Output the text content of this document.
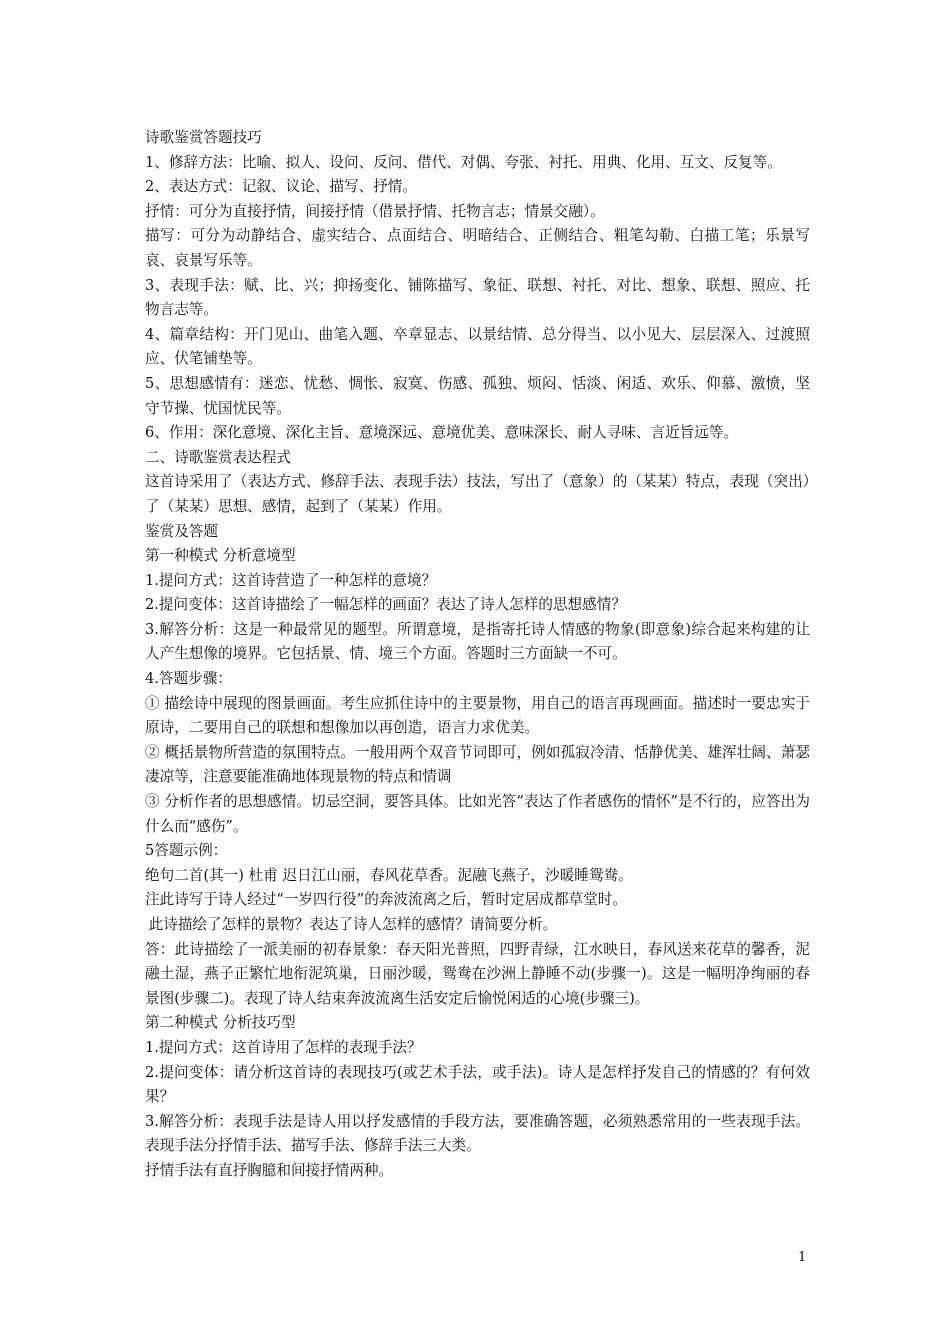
诗歌鉴赏答题技巧

1、修辞方法：比喻、拟人、设问、反问、借代、对偶、夸张、衬托、用典、化用、互文、反复等。

2、表达方式：记叙、议论、描写、抒情。

抒情：可分为直接抒情，间接抒情（借景抒情、托物言志；情景交融）。

描写：可分为动静结合、虚实结合、点面结合、明暗结合、正侧结合、粗笔勾勒、白描工笔；乐景写哀、哀景写乐等。

3、表现手法：赋、比、兴；抑扬变化、铺陈描写、象征、联想、衬托、对比、想象、联想、照应、托物言志等。

4、篇章结构：开门见山、曲笔入题、卒章显志、以景结情、总分得当、以小见大、层层深入、过渡照应、伏笔铺垫等。

5、思想感情有：迷恋、忧愁、惆怅、寂寞、伤感、孤独、烦闷、恬淡、闲适、欢乐、仰慕、激愤，坚守节操、忧国忧民等。

6、作用：深化意境、深化主旨、意境深远、意境优美、意味深长、耐人寻味、言近旨远等。

二、诗歌鉴赏表达程式

这首诗采用了（表达方式、修辞手法、表现手法）技法，写出了（意象）的（某某）特点，表现（突出）了（某某）思想、感情，起到了（某某）作用。

鉴赏及答题

第一种模式 分析意境型

1.提问方式：这首诗营造了一种怎样的意境？

2.提问变体：这首诗描绘了一幅怎样的画面？表达了诗人怎样的思想感情？

3.解答分析：这是一种最常见的题型。所谓意境，是指寄托诗人情感的物象(即意象)综合起来构建的让人产生想像的境界。它包括景、情、境三个方面。答题时三方面缺一不可。

4.答题步骤：

① 描绘诗中展现的图景画面。考生应抓住诗中的主要景物，用自己的语言再现画面。描述时一要忠实于原诗，二要用自己的联想和想像加以再创造，语言力求优美。

② 概括景物所营造的氛围特点。一般用两个双音节词即可，例如孤寂冷清、恬静优美、雄浑壮阔、萧瑟凄凉等，注意要能准确地体现景物的特点和情调

③ 分析作者的思想感情。切忌空洞，要答具体。比如光答“表达了作者感伤的情怀”是不行的，应答出为什么而“感伤”。

5答题示例：

绝句二首(其一) 杜甫 迟日江山丽，春风花草香。泥融飞燕子，沙暖睡鸳鸯。

注此诗写于诗人经过“一岁四行役”的奔波流离之后，暂时定居成都草堂时。

此诗描绘了怎样的景物？表达了诗人怎样的感情？请简要分析。

答：此诗描绘了一派美丽的初春景象：春天阳光普照，四野青绿，江水映日，春风送来花草的馨香，泥融土湿，燕子正繁忙地衔泥筑巢，日丽沙暖，鸳鸯在沙洲上静睡不动(步骤一)。这是一幅明净绚丽的春景图(步骤二)。表现了诗人结束奔波流离生活安定后愉悦闲适的心境(步骤三)。

第二种模式 分析技巧型

1.提问方式：这首诗用了怎样的表现手法？

2.提问变体：请分析这首诗的表现技巧(或艺术手法，或手法)。诗人是怎样抒发自己的情感的？有何效果？

3.解答分析：表现手法是诗人用以抒发感情的手段方法，要准确答题，必须熟悉常用的一些表现手法。表现手法分抒情手法、描写手法、修辞手法三大类。

抒情手法有直抒胸臆和间接抒情两种。

1
